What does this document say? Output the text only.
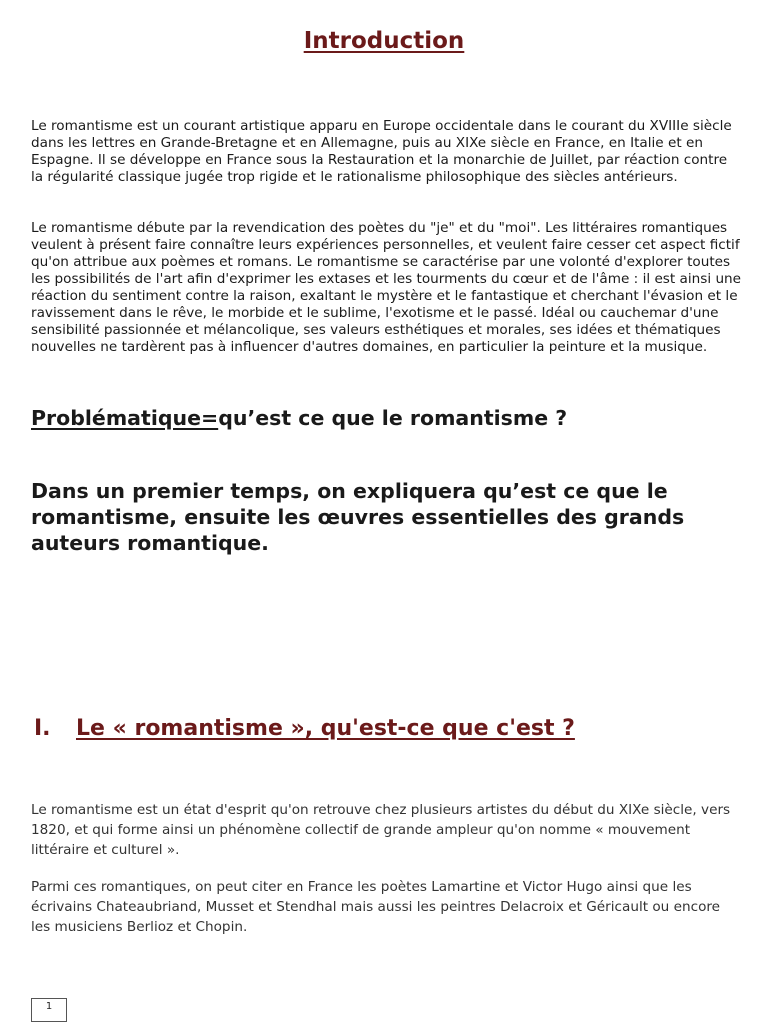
Introduction

Le romantisme est un courant artistique apparu en Europe occidentale dans le courant du XVIIIe siècle dans les lettres en Grande-Bretagne et en Allemagne, puis au XIXe siècle en France, en Italie et en Espagne. Il se développe en France sous la Restauration et la monarchie de Juillet, par réaction contre la régularité classique jugée trop rigide et le rationalisme philosophique des siècles antérieurs.

Le romantisme débute par la revendication des poètes du "je" et du "moi". Les littéraires romantiques veulent à présent faire connaître leurs expériences personnelles, et veulent faire cesser cet aspect fictif qu'on attribue aux poèmes et romans. Le romantisme se caractérise par une volonté d'explorer toutes les possibilités de l'art afin d'exprimer les extases et les tourments du cœur et de l'âme : il est ainsi une réaction du sentiment contre la raison, exaltant le mystère et le fantastique et cherchant l'évasion et le ravissement dans le rêve, le morbide et le sublime, l'exotisme et le passé. Idéal ou cauchemar d'une sensibilité passionnée et mélancolique, ses valeurs esthétiques et morales, ses idées et thématiques nouvelles ne tardèrent pas à influencer d'autres domaines, en particulier la peinture et la musique.

Problématique=qu’est ce que le romantisme ?

Dans un premier temps, on expliquera qu’est ce que le romantisme, ensuite les œuvres essentielles des grands auteurs romantique.

I. Le « romantisme », qu'est-ce que c'est ?

Le romantisme est un état d'esprit qu'on retrouve chez plusieurs artistes du début du XIXe siècle, vers 1820, et qui forme ainsi un phénomène collectif de grande ampleur qu'on nomme « mouvement littéraire et culturel ».

Parmi ces romantiques, on peut citer en France les poètes Lamartine et Victor Hugo ainsi que les écrivains Chateaubriand, Musset et Stendhal mais aussi les peintres Delacroix et Géricault ou encore les musiciens Berlioz et Chopin.

1
